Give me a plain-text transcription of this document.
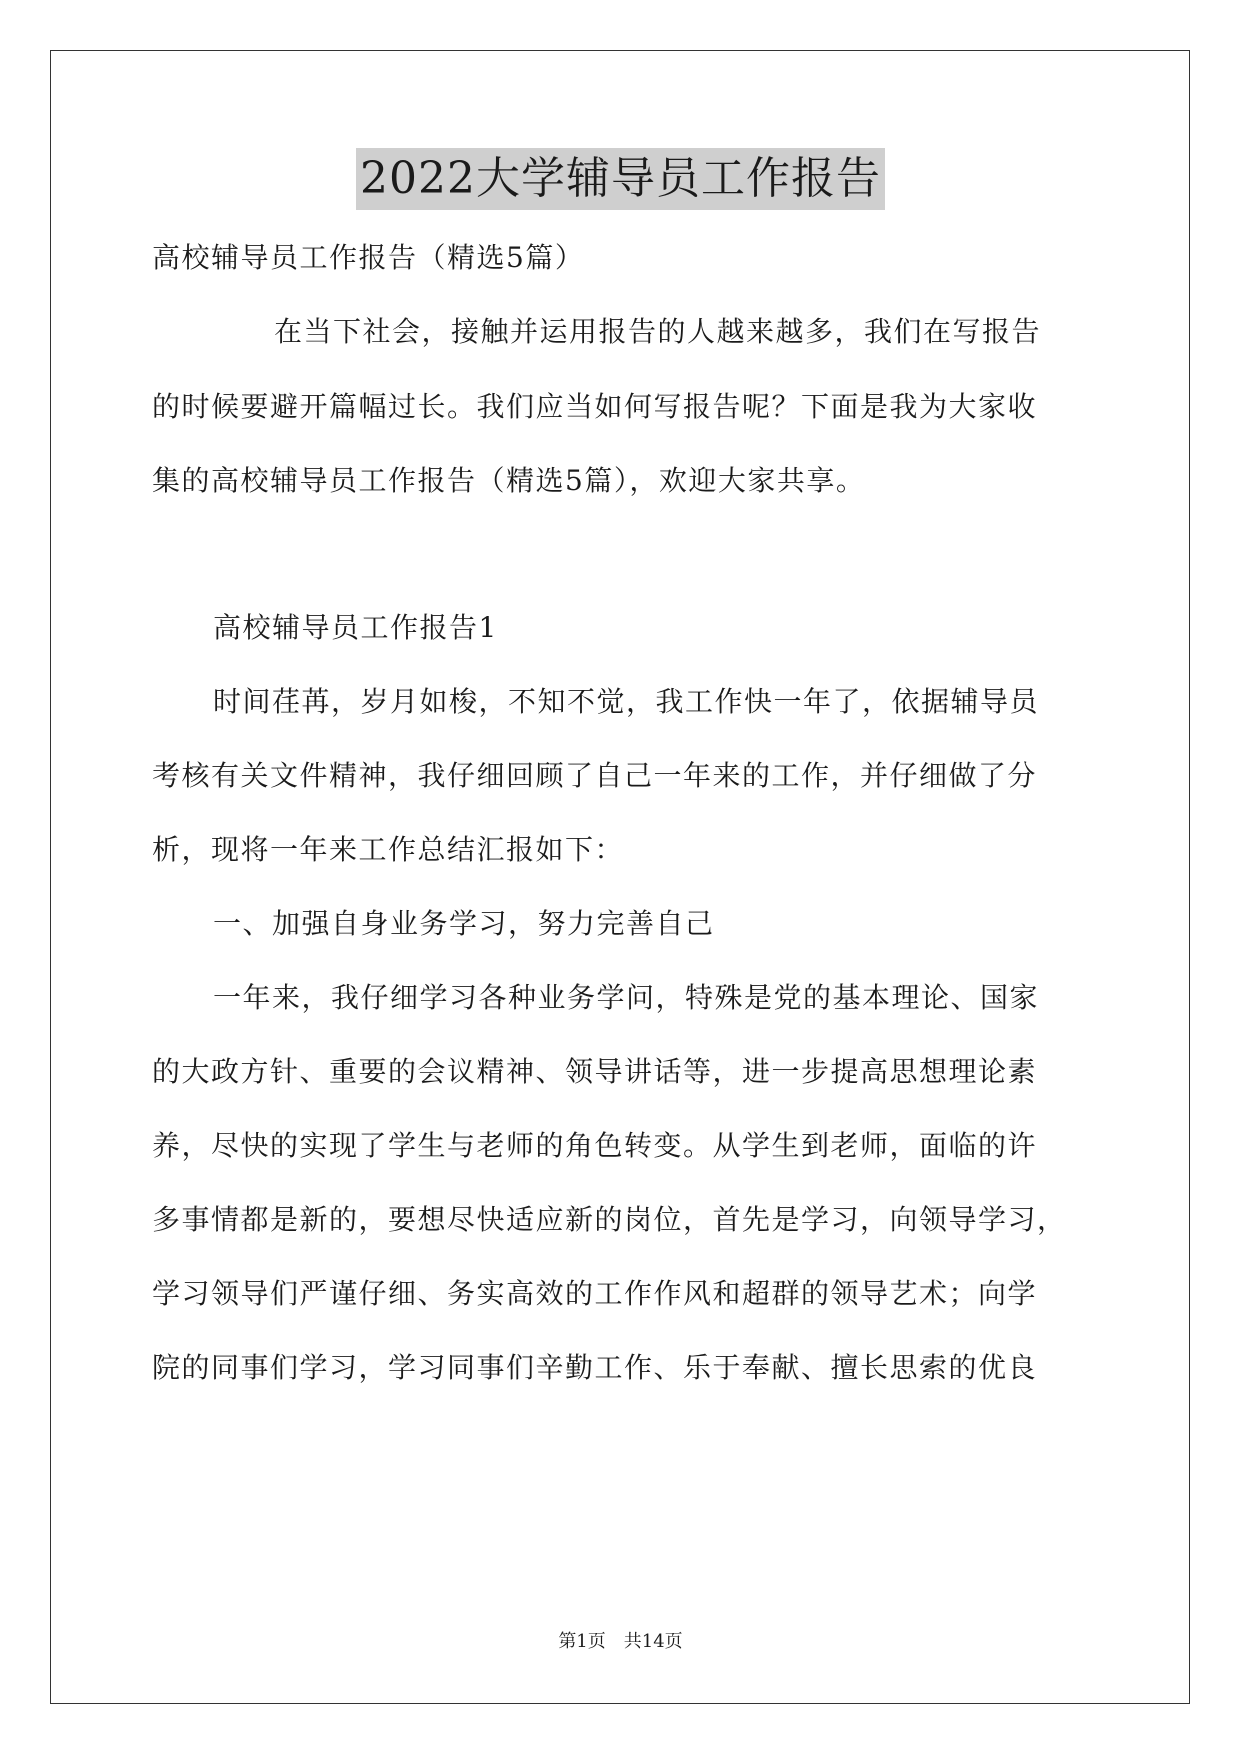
2022大学辅导员工作报告
高校辅导员工作报告（精选5篇）
在当下社会，接触并运用报告的人越来越多，我们在写报告
的时候要避开篇幅过长。我们应当如何写报告呢？下面是我为大家收
集的高校辅导员工作报告（精选5篇），欢迎大家共享。
高校辅导员工作报告1
时间荏苒，岁月如梭，不知不觉，我工作快一年了，依据辅导员
考核有关文件精神，我仔细回顾了自己一年来的工作，并仔细做了分
析，现将一年来工作总结汇报如下：
一、加强自身业务学习，努力完善自己
一年来，我仔细学习各种业务学问，特殊是党的基本理论、国家
的大政方针、重要的会议精神、领导讲话等，进一步提高思想理论素
养，尽快的实现了学生与老师的角色转变。从学生到老师，面临的许
多事情都是新的，要想尽快适应新的岗位，首先是学习，向领导学习，
学习领导们严谨仔细、务实高效的工作作风和超群的领导艺术；向学
院的同事们学习，学习同事们辛勤工作、乐于奉献、擅长思索的优良
第1页　共14页
